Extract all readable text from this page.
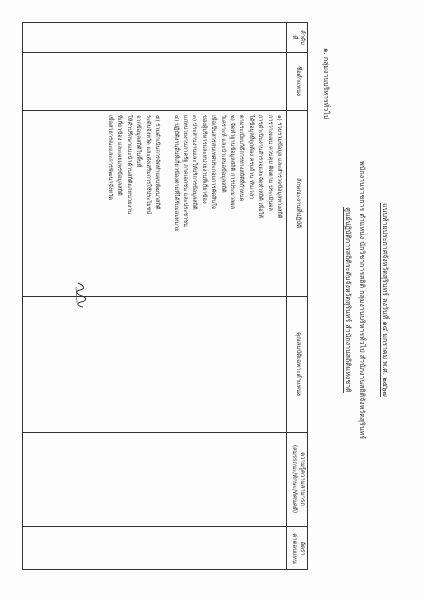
แนบท้ายประกาศจังหวัดสุรินทร์ ลงวันที่ ๑๔ มกราคม พ.ศ. ๒๕๖๗
พนักงานราชการ ตำแหน่ง นักวิชาการสถิติ กลุ่มงานบริหารทั่วไป สำนักงานสถิติจังหวัดสุรินทร์
ศูนย์ปฏิบัติการสถิติระดับจังหวัดสุรินทร์ สำนักงานสถิติแห่งชาติ
๑. กลุ่มงานบริหารทั่วไป
ลำดับ
ที่
ชื่อตำแหน่ง
ลักษณะงานที่ปฏิบัติ
คุณสมบัติเฉพาะตำแหน่ง
ความรู้ความสามารถ
(สมรรถนะ/ทักษะ/ทัศนคติ)
อัตรา
ค่าตอบแทน
๑) รวบรวมข้อมูล และสำรวจข้อมูลทางสถิติ
การวางแผน ควบคุม ติดตาม ประเมินผล
การดำเนินงานสำรวจและจัดทำสถิติ เพื่อให้
ได้ข้อมูลที่ถูกต้อง ครบถ้วน ทันเวลา
ตามระเบียบวิธีการทางสถิติที่กำหนด
๒) จัดทำฐานข้อมูลสถิติ การประมวลผล
วิเคราะห์ และนำเสนอข้อมูลสถิติ
เพื่อเป็นสารสนเทศประกอบการตัดสินใจ
ของผู้บริหารและหน่วยงานที่เกี่ยวข้อง
๓) ประสานงานและให้บริการข้อมูลสถิติ
แก่หน่วยงานภาครัฐ ภาคเอกชน และประชาชน
๔) ปฏิบัติงานอื่นที่เกี่ยวข้องตามที่ได้รับมอบหมาย
๕) ร่วมดำเนินการจัดทำแผนพัฒนาสถิติ
ระดับจังหวัด และส่งเสริมการใช้ประโยชน์
จากข้อมูลสถิติในพื้นที่
ให้คำปรึกษาแนะนำด้านสถิติแก่หน่วยงาน
ที่เกี่ยวข้อง และเผยแพร่ข้อมูลสถิติ
เพื่อสาธารณะและการพัฒนาจังหวัด
